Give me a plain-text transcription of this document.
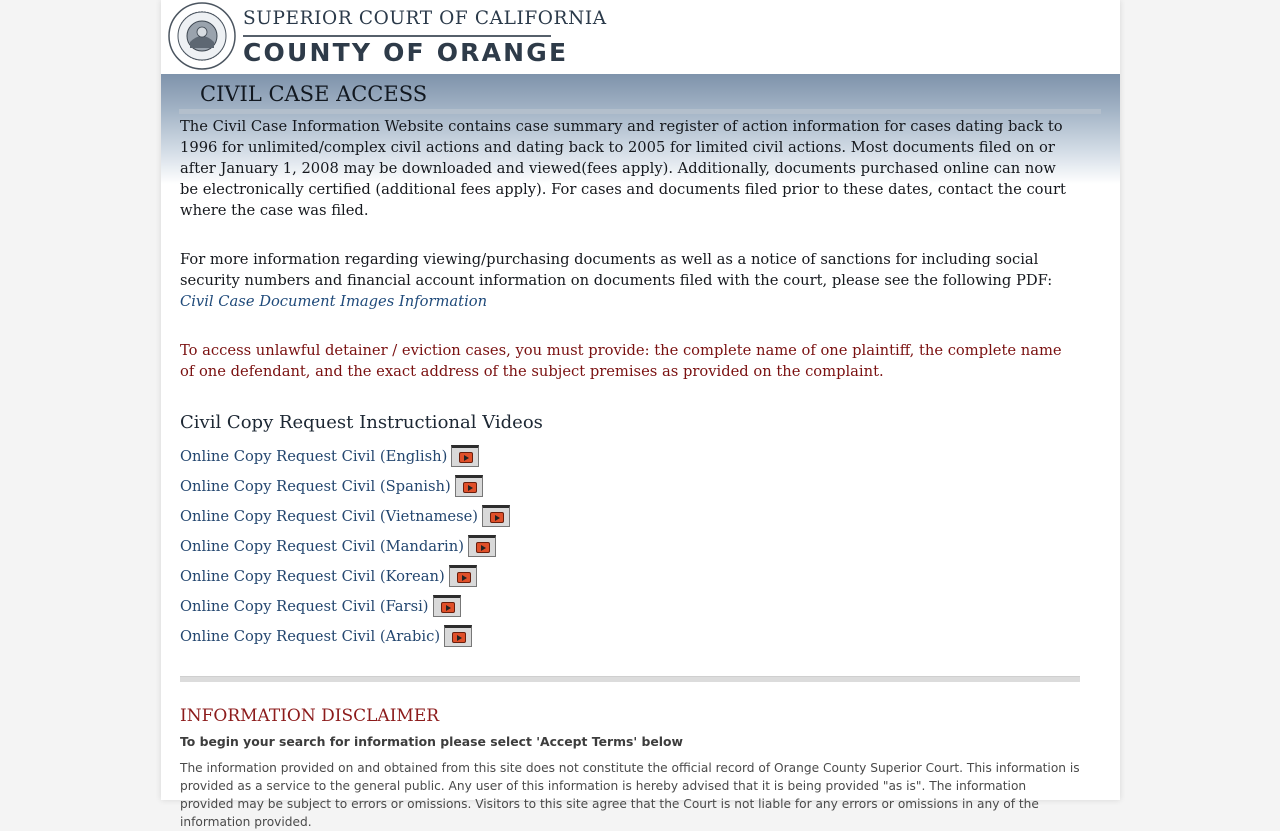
SUPERIOR COURT OF CALIFORNIA
COUNTY OF ORANGE
CIVIL CASE ACCESS

The Civil Case Information Website contains case summary and register of action information for cases dating back to 1996 for unlimited/complex civil actions and dating back to 2005 for limited civil actions. Most documents filed on or after January 1, 2008 may be downloaded and viewed(fees apply). Additionally, documents purchased online can now be electronically certified (additional fees apply). For cases and documents filed prior to these dates, contact the court where the case was filed.

For more information regarding viewing/purchasing documents as well as a notice of sanctions for including social security numbers and financial account information on documents filed with the court, please see the following PDF: Civil Case Document Images Information

To access unlawful detainer / eviction cases, you must provide: the complete name of one plaintiff, the complete name of one defendant, and the exact address of the subject premises as provided on the complaint.

Civil Copy Request Instructional Videos
Online Copy Request Civil (English)
Online Copy Request Civil (Spanish)
Online Copy Request Civil (Vietnamese)
Online Copy Request Civil (Mandarin)
Online Copy Request Civil (Korean)
Online Copy Request Civil (Farsi)
Online Copy Request Civil (Arabic)
INFORMATION DISCLAIMER
To begin your search for information please select 'Accept Terms' below
The information provided on and obtained from this site does not constitute the official record of Orange County Superior Court. This information is provided as a service to the general public. Any user of this information is hereby advised that it is being provided "as is". The information provided may be subject to errors or omissions. Visitors to this site agree that the Court is not liable for any errors or omissions in any of the information provided.
